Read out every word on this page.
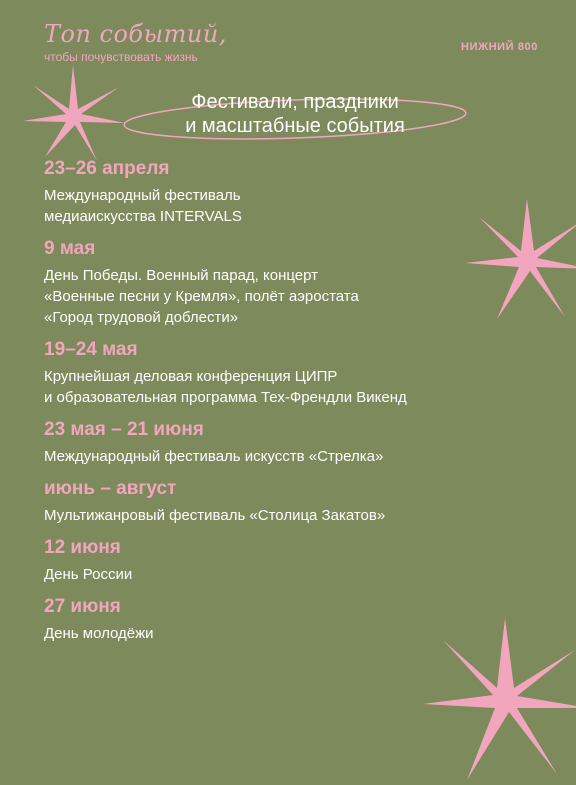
Топ событий,
чтобы почувствовать жизнь
НИЖНИЙ 800
Фестивали, праздники
и масштабные события
23–26 апреля
Международный фестиваль
медиаискусства INTERVALS
9 мая
День Победы. Военный парад, концерт
«Военные песни у Кремля», полёт аэростата
«Город трудовой доблести»
19–24 мая
Крупнейшая деловая конференция ЦИПР
и образовательная программа Тех-Френдли Викенд
23 мая – 21 июня
Международный фестиваль искусств «Стрелка»
июнь – август
Мультижанровый фестиваль «Столица Закатов»
12 июня
День России
27 июня
День молодёжи
